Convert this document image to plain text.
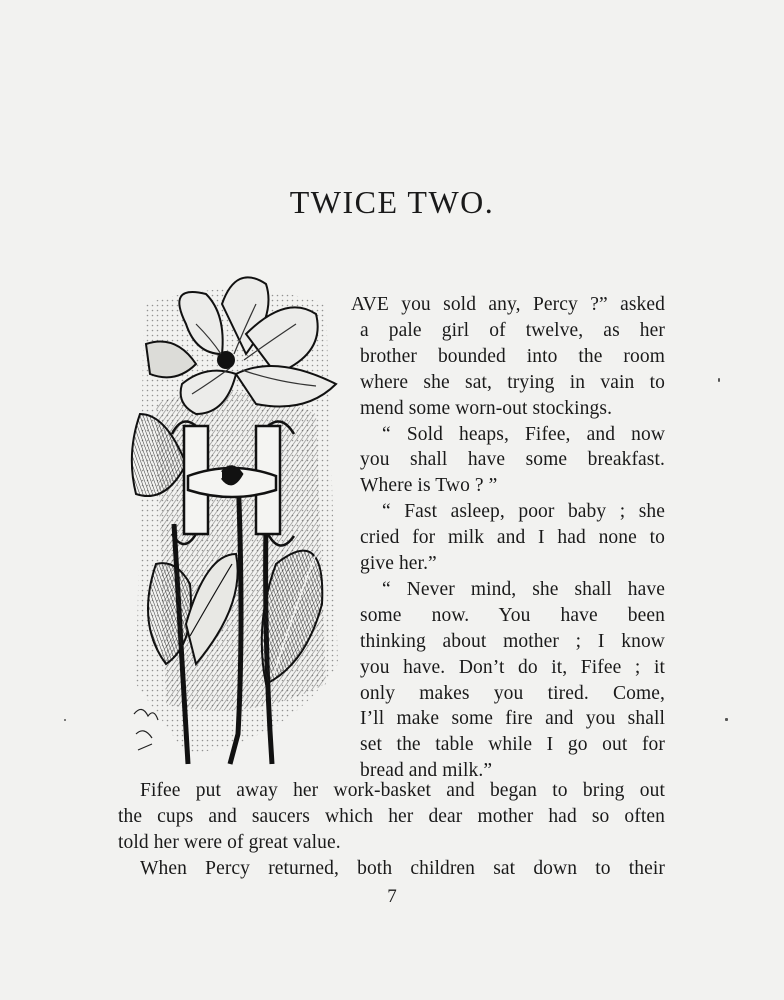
TWICE TWO.
AVE you sold any, Percy ?” asked
a pale girl of twelve, as her
brother bounded into the room
where she sat, trying in vain to
mend some worn-out stockings.
“ Sold heaps, Fifee, and now
you shall have some breakfast.
Where is Two ? ”
“ Fast asleep, poor baby ; she
cried for milk and I had none to
give her.”
“ Never mind, she shall have
some now. You have been
thinking about mother ; I know
you have. Don’t do it, Fifee ; it
only makes you tired. Come,
I’ll make some fire and you shall
set the table while I go out for
bread and milk.”
Fifee put away her work-basket and began to bring out
the cups and saucers which her dear mother had so often
told her were of great value.
When Percy returned, both children sat down to their
7
